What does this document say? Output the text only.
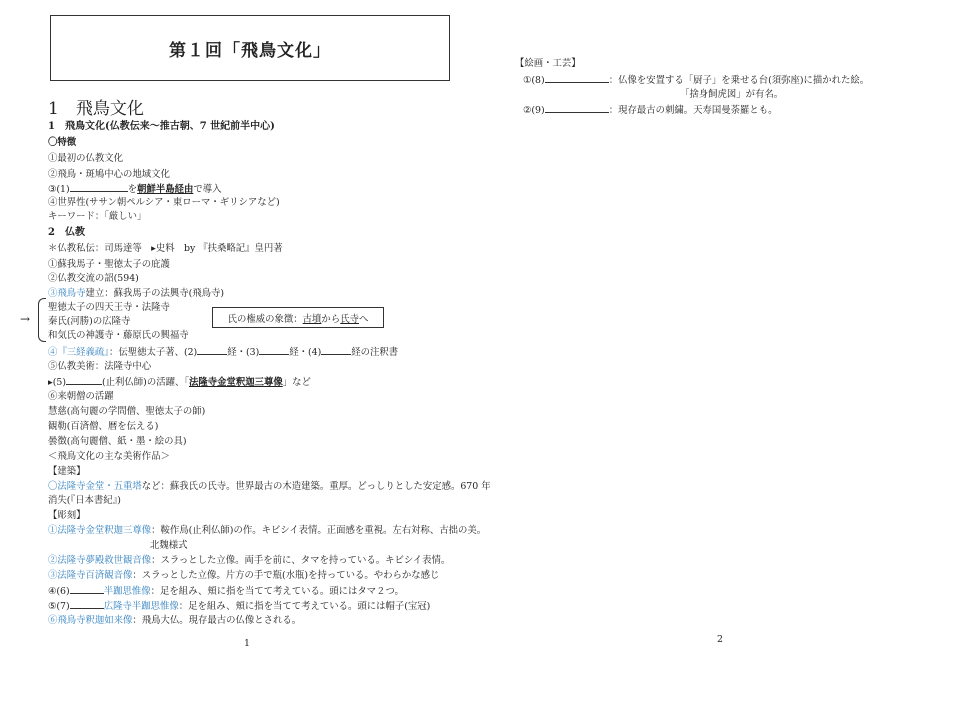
第１回「飛鳥文化」
1　飛鳥文化
1　飛鳥文化(仏教伝来～推古朝、7 世紀前半中心)
〇特徴
①最初の仏教文化
②飛鳥・斑鳩中心の地域文化
③(1)	を朝鮮半島経由で導入
④世界性(ササン朝ペルシア・東ローマ・ギリシアなど)
キーワード：「厳しい」
2　仏教
＊仏教私伝：司馬達等　▸史料　by 『扶桑略記』皇円著
①蘇我馬子・聖徳太子の庇護
②仏教交流の詔(594)
③飛鳥寺建立：蘇我馬子の法興寺(飛鳥寺)
→
聖徳太子の四天王寺・法隆寺
秦氏(河勝)の広隆寺
和気氏の神護寺・藤原氏の興福寺
氏の権威の象徴： 古墳 から 氏寺 へ
④『三経義疏』：伝聖徳太子著、(2)	経・(3)	経・(4)	経の注釈書
⑤仏教美術：法隆寺中心
▸(5)	(止利仏師)の活躍、「法隆寺金堂釈迦三尊像」など
⑥来朝僧の活躍
慧慈(高句麗の学問僧、聖徳太子の師)
観勒(百済僧、暦を伝える)
曇徴(高句麗僧、紙・墨・絵の具)
＜飛鳥文化の主な美術作品＞
【建築】
〇法隆寺金堂・五重塔など：蘇我氏の氏寺。世界最古の木造建築。重厚。どっしりとした安定感。670 年
消失(『日本書紀』)
【彫刻】
①法隆寺金堂釈迦三尊像：鞍作鳥(止利仏師)の作。キビシイ表情。正面感を重視。左右対称、古拙の美。
北魏様式
②法隆寺夢殿救世観音像：スラっとした立像。両手を前に、タマを持っている。キビシイ表情。
③法隆寺百済観音像：スラっとした立像。片方の手で瓶(水瓶)を持っている。やわらかな感じ
④(6)	半跏思惟像：足を組み、頬に指を当てて考えている。頭にはタマ２つ。
⑤(7)	広隆寺半跏思惟像：足を組み、頬に指を当てて考えている。頭には帽子(宝冠)
⑥飛鳥寺釈迦如来像：飛鳥大仏。現存最古の仏像とされる。
1
【絵画・工芸】
①(8)	：仏像を安置する「厨子」を乗せる台(須弥座)に描かれた絵。
「捨身飼虎図」が有名。
②(9)	：現存最古の刺繍。天寿国曼荼羅とも。
2
